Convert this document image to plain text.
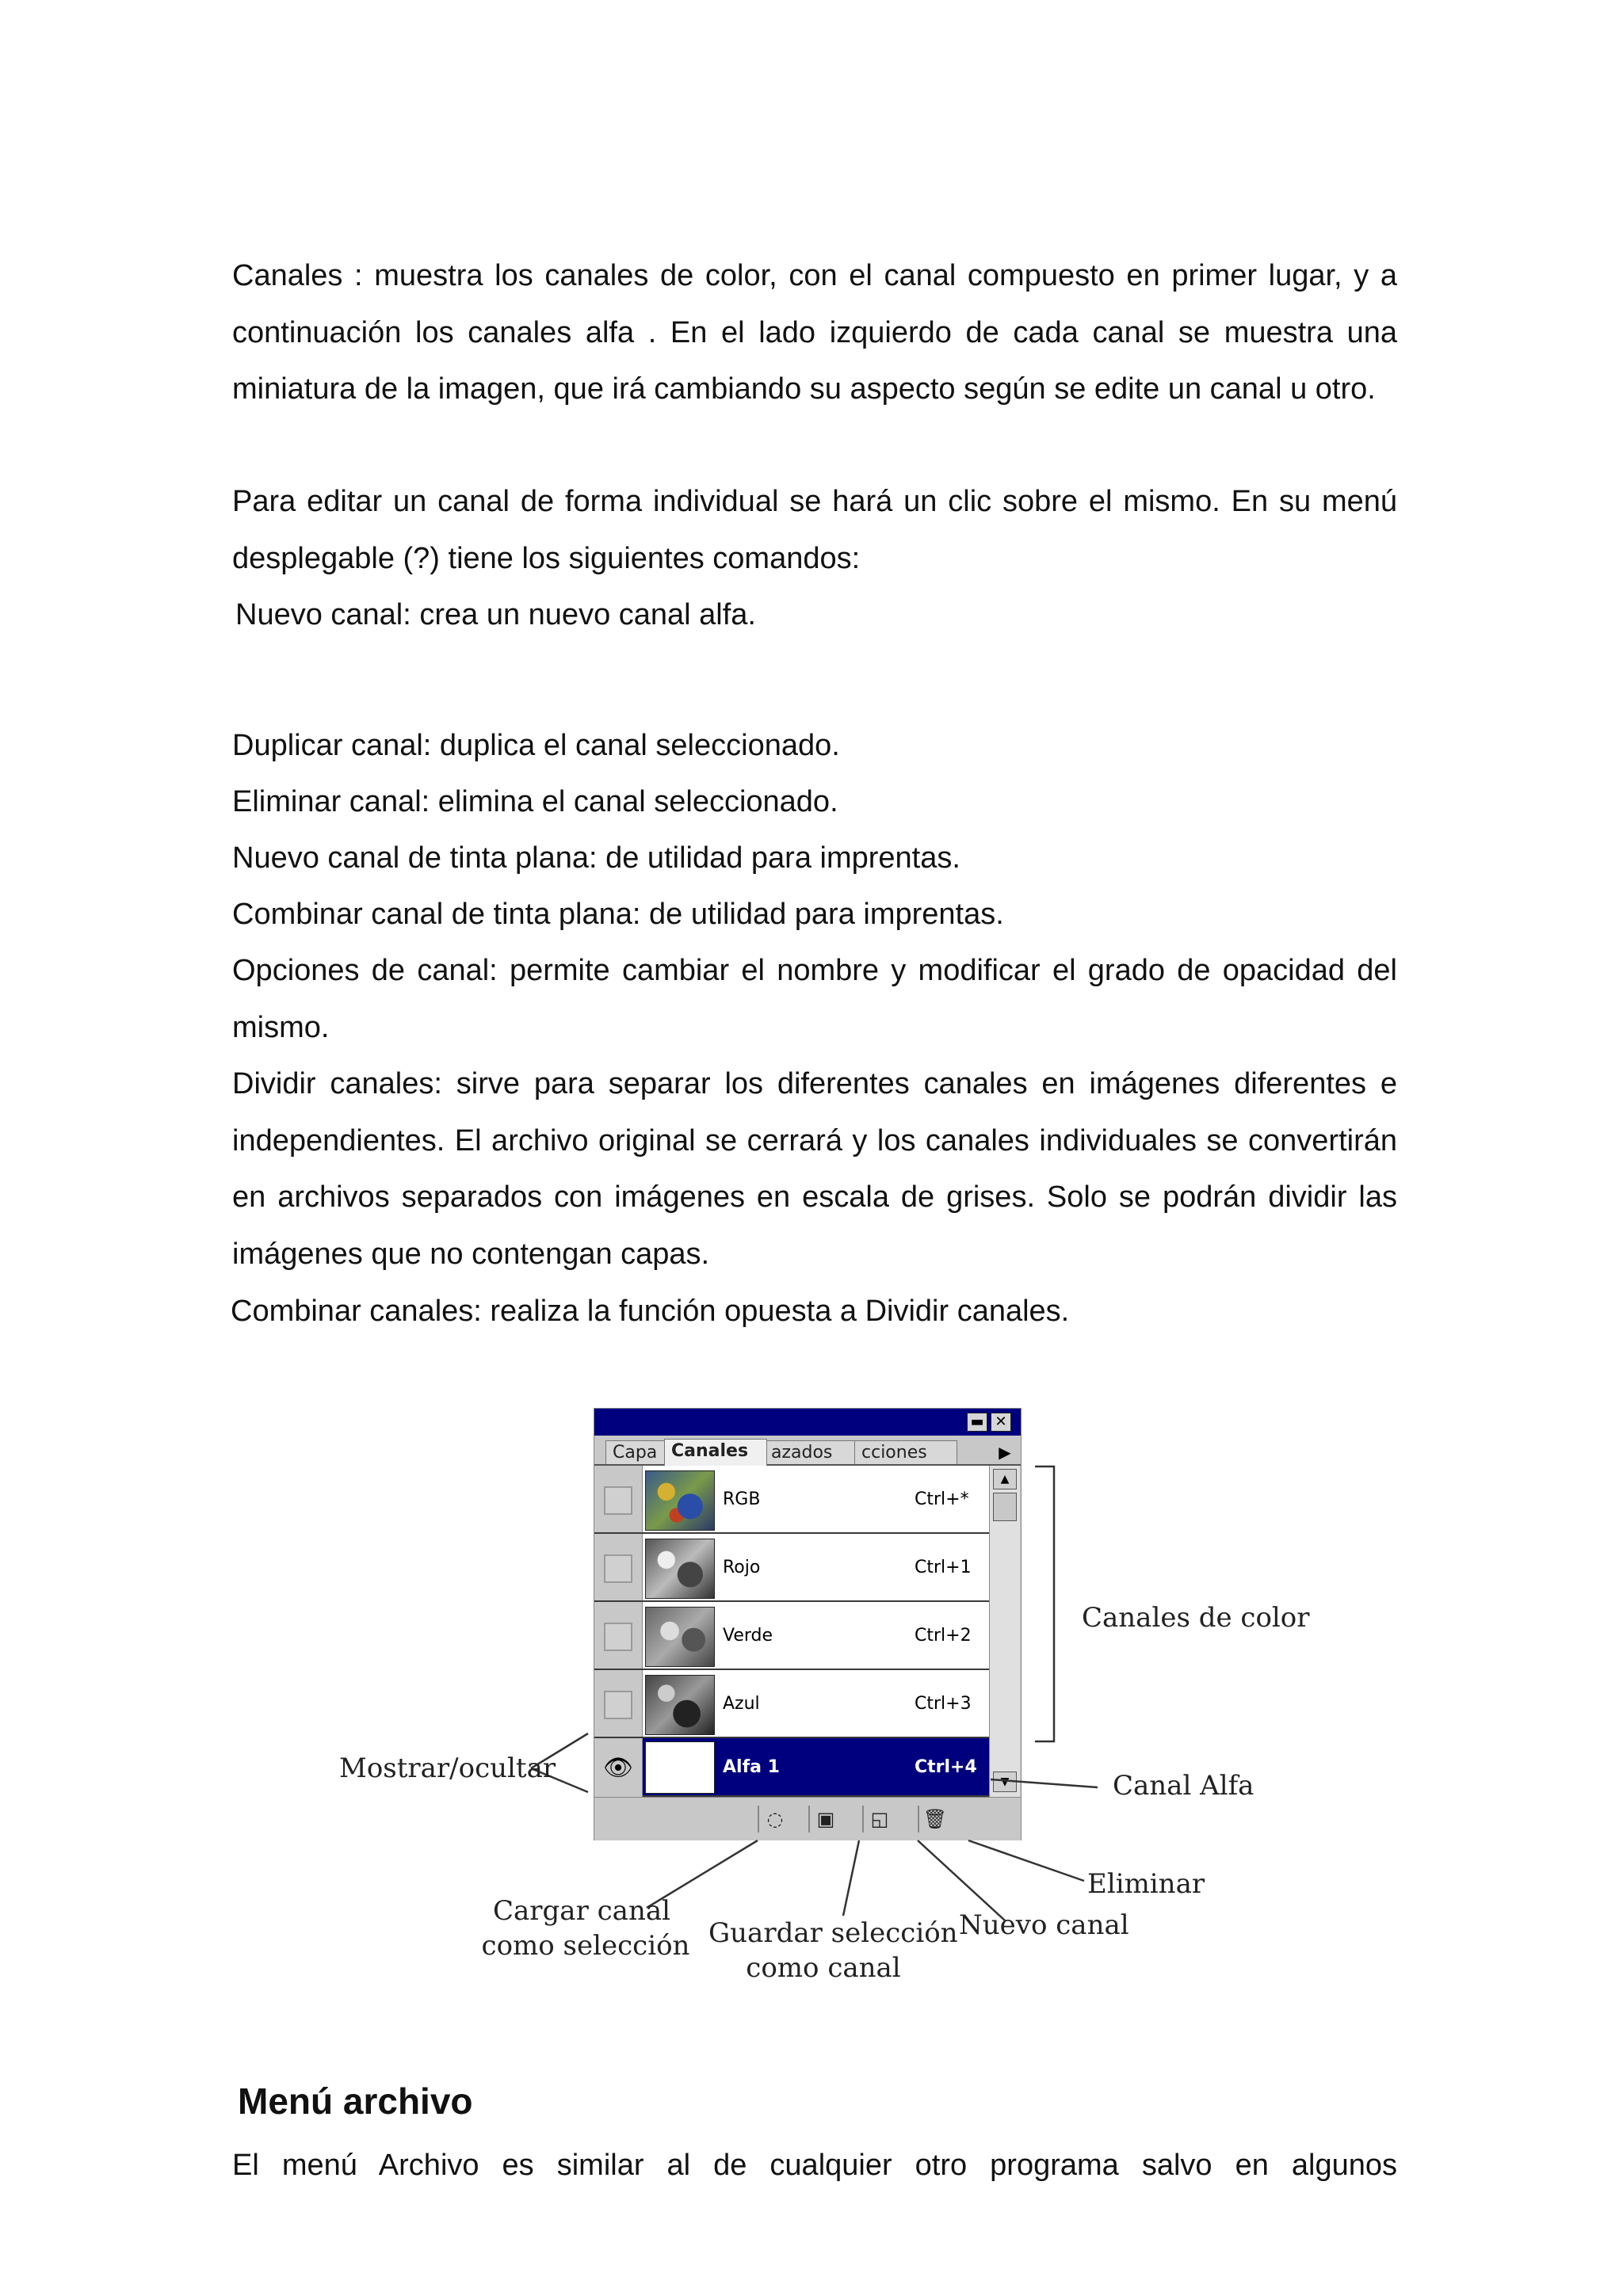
Canales : muestra los canales de color, con el canal compuesto en primer lugar, y a continuación los canales alfa . En el lado izquierdo de cada canal se muestra una miniatura de la imagen, que irá cambiando su aspecto según se edite un canal u otro.

Para editar un canal de forma individual se hará un clic sobre el mismo. En su menú desplegable (?) tiene los siguientes comandos:

Nuevo canal: crea un nuevo canal alfa.

Duplicar canal: duplica el canal seleccionado.

Eliminar canal: elimina el canal seleccionado.

Nuevo canal de tinta plana: de utilidad para imprentas.

Combinar canal de tinta plana: de utilidad para imprentas.

Opciones de canal: permite cambiar el nombre y modificar el grado de opacidad del mismo.

Dividir canales: sirve para separar los diferentes canales en imágenes diferentes e independientes. El archivo original se cerrará y los canales individuales se convertirán en archivos separados con imágenes en escala de grises. Solo se podrán dividir las imágenes que no contengan capas.

Combinar canales: realiza la función opuesta a Dividir canales.

▬ ✕
Capa Canales	azados	cciones	▶
RGB	Ctrl+*
Rojo	Ctrl+1
Verde	Ctrl+2
Azul	Ctrl+3
👁	Alfa 1	Ctrl+4
▲
▼
◌	▣	◱	🗑
Canales de color
Canal Alfa
Mostrar/ocultar
Eliminar
Nuevo canal
Cargar canal
como selección Guardar selección
como canal
Menú archivo

El menú Archivo es similar al de cualquier otro programa salvo en algunos
